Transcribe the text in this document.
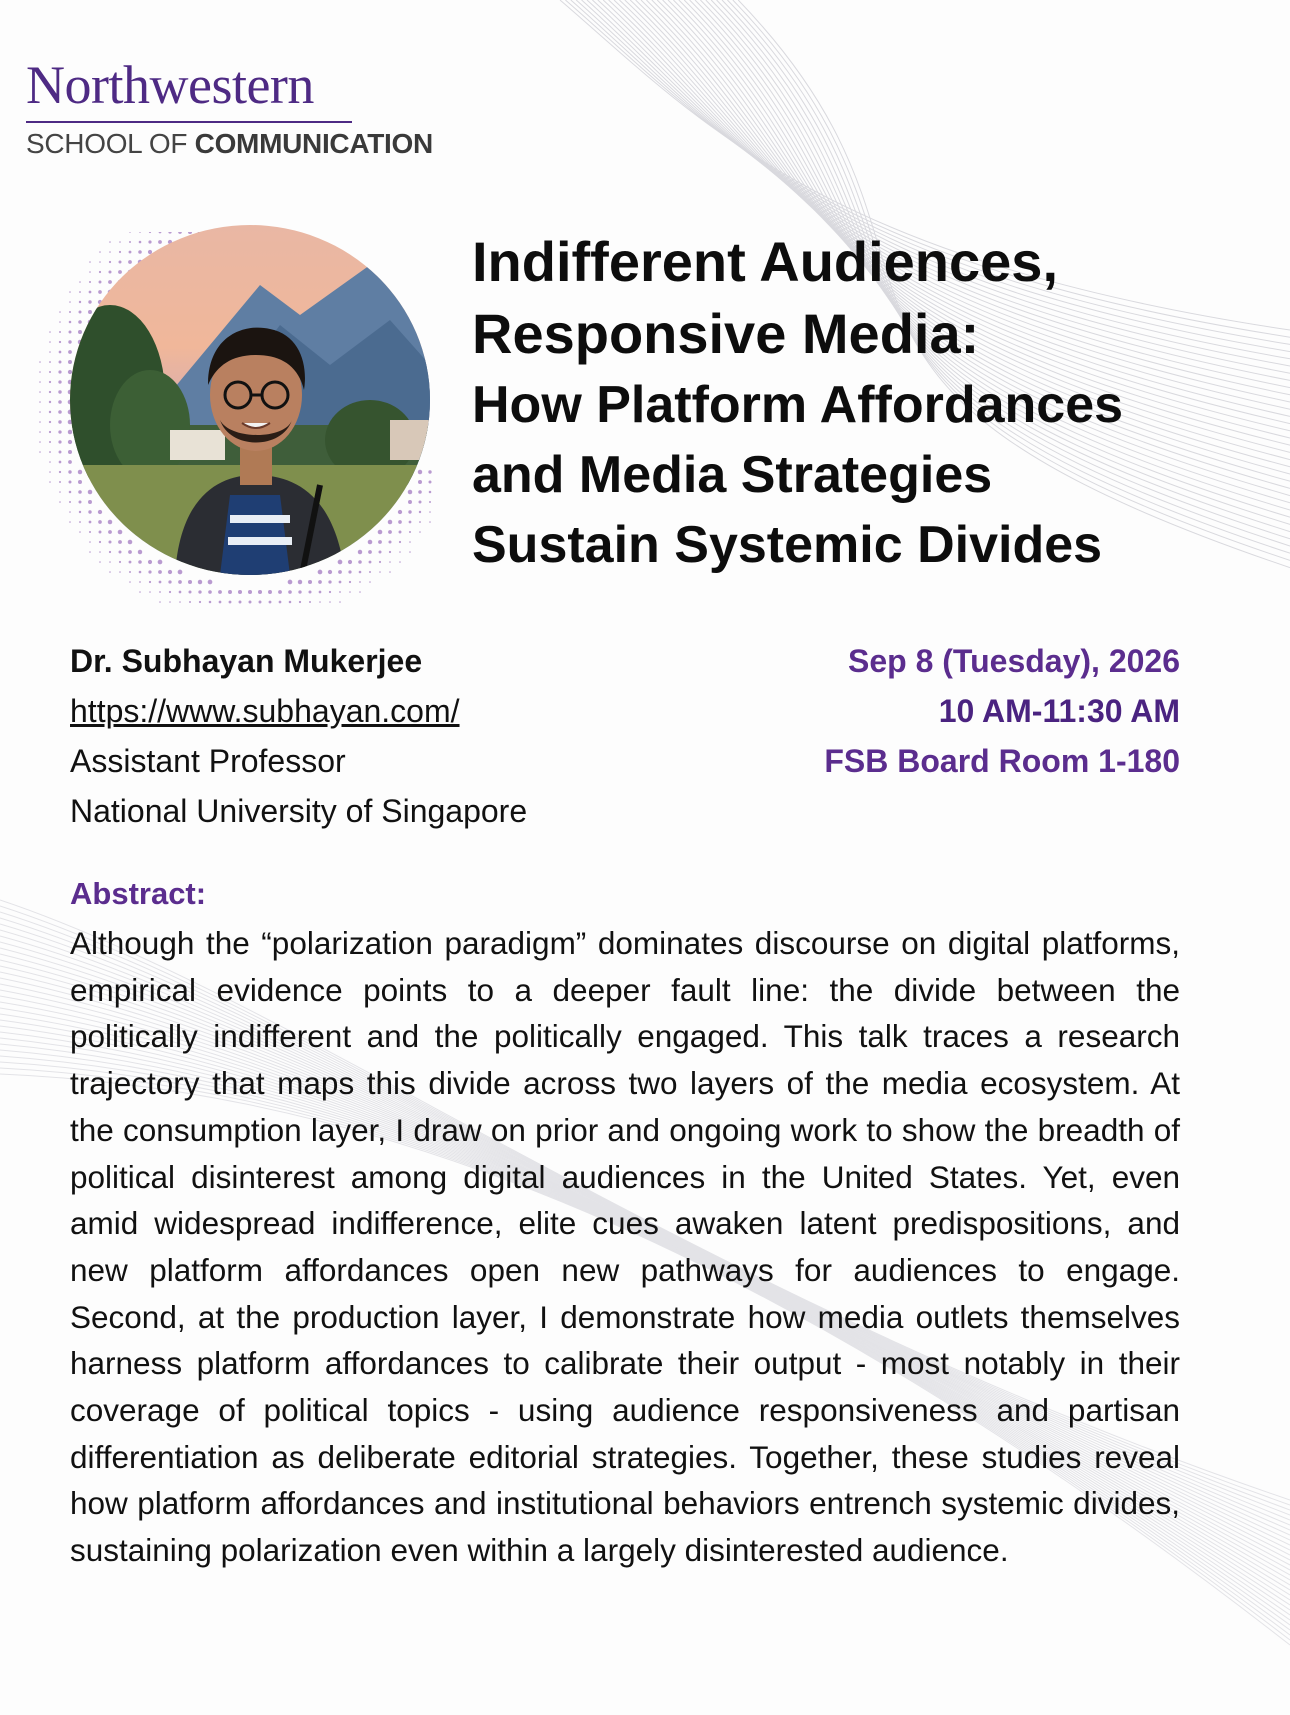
Northwestern
SCHOOL OF COMMUNICATION
Indifferent Audiences,
Responsive Media:
How Platform Affordances
and Media Strategies
Sustain Systemic Divides
Dr. Subhayan Mukerjee
https://www.subhayan.com/
Assistant Professor
National University of Singapore
Sep 8 (Tuesday), 2026
10 AM-11:30 AM
FSB Board Room 1-180
Abstract:
Although the “polarization paradigm” dominates discourse on digital platforms, empirical evidence points to a deeper fault line: the divide between the politically indifferent and the politically engaged. This talk traces a research trajectory that maps this divide across two layers of the media ecosystem. At the consumption layer, I draw on prior and ongoing work to show the breadth of political disinterest among digital audiences in the United States. Yet, even amid widespread indifference, elite cues awaken latent predispositions, and new platform affordances open new pathways for audiences to engage. Second, at the production layer, I demonstrate how media outlets themselves harness platform affordances to calibrate their output - most notably in their coverage of political topics - using audience responsiveness and partisan differentiation as deliberate editorial strategies. Together, these studies reveal how platform affordances and institutional behaviors entrench systemic divides, sustaining polarization even within a largely disinterested audience.
